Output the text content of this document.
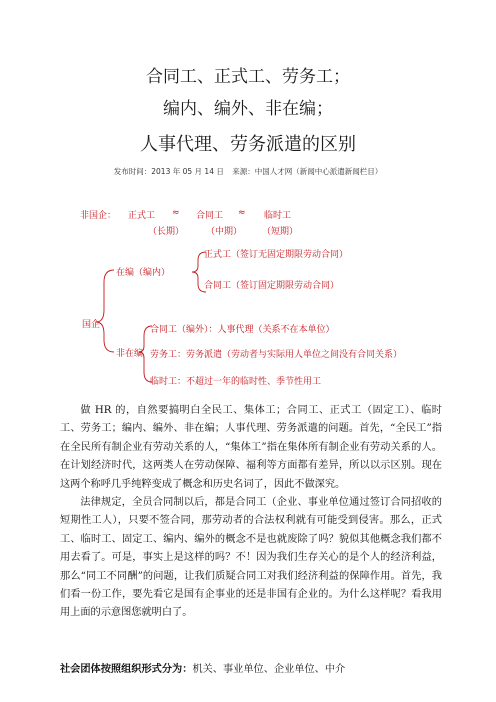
合同工、正式工、劳务工；
编内、编外、非在编；
人事代理、劳务派遣的区别
发布时间：2013 年 05 月 14 日 来源：中国人才网（新闻中心派遣新闻栏目）
非国企： 正式工 ≈ 合同工 ≈ 临时工
（长期） （中期） （短期）
国企
在编（编内）
正式工（签订无固定期限劳动合同）
合同工（签订固定期限劳动合同）
非在编
合同工（编外）：人事代理（关系不在本单位）
劳务工：劳务派遣（劳动者与实际用人单位之间没有合同关系）
临时工：不超过一年的临时性、季节性用工
做 HR 的，自然要搞明白全民工、集体工；合同工、正式工（固定工）、临时工、劳务工；编内、编外、非在编；人事代理、劳务派遣的问题。首先，“全民工”指在全民所有制企业有劳动关系的人，“集体工”指在集体所有制企业有劳动关系的人。在计划经济时代，这两类人在劳动保障、福利等方面都有差异，所以以示区别。现在这两个称呼几乎纯粹变成了概念和历史名词了，因此不做深究。
法律规定，全员合同制以后，都是合同工（企业、事业单位通过签订合同招收的短期性工人），只要不签合同，那劳动者的合法权利就有可能受到侵害。那么，正式工、临时工、固定工、编内、编外的概念不是也就废除了吗？貌似其他概念我们都不用去看了。可是，事实上是这样的吗？不！因为我们生存关心的是个人的经济利益，那么“同工不同酬”的问题，让我们质疑合同工对我们经济利益的保障作用。首先，我们看一份工作，要先看它是国有企事业的还是非国有企业的。为什么这样呢？看我用用上面的示意图您就明白了。
社会团体按照组织形式分为：机关、事业单位、企业单位、中介
